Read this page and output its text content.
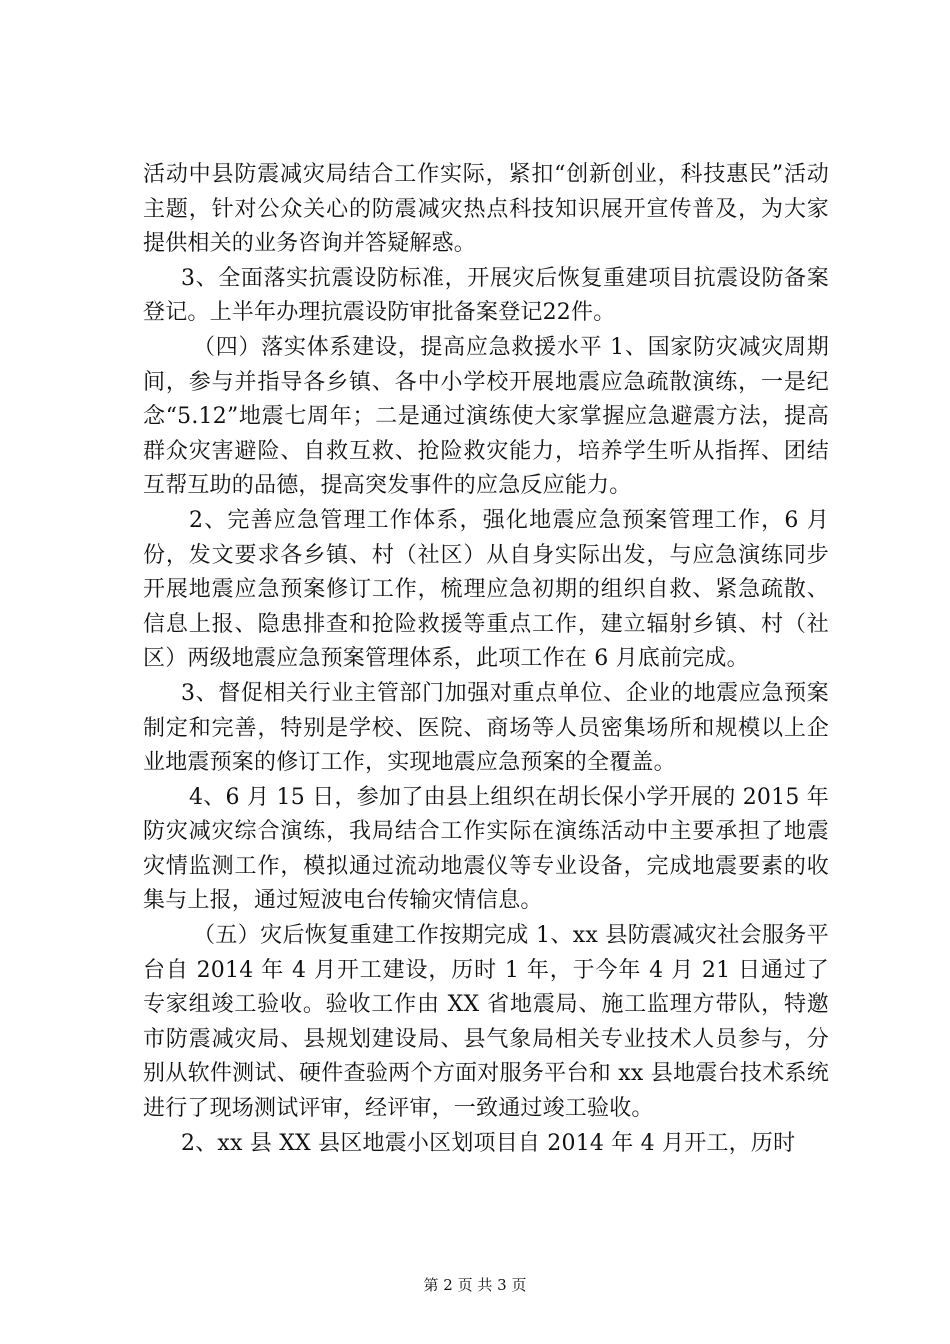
活动中县防震减灾局结合工作实际，紧扣“创新创业，科技惠民”活动主题，针对公众关心的防震减灾热点科技知识展开宣传普及，为大家提供相关的业务咨询并答疑解惑。

3、全面落实抗震设防标准，开展灾后恢复重建项目抗震设防备案登记。上半年办理抗震设防审批备案登记22件。

（四）落实体系建设，提高应急救援水平 1、国家防灾减灾周期间，参与并指导各乡镇、各中小学校开展地震应急疏散演练，一是纪念“5.12”地震七周年；二是通过演练使大家掌握应急避震方法，提高群众灾害避险、自救互救、抢险救灾能力，培养学生听从指挥、团结互帮互助的品德，提高突发事件的应急反应能力。

2、完善应急管理工作体系，强化地震应急预案管理工作，6 月份，发文要求各乡镇、村（社区）从自身实际出发，与应急演练同步开展地震应急预案修订工作，梳理应急初期的组织自救、紧急疏散、信息上报、隐患排查和抢险救援等重点工作，建立辐射乡镇、村（社区）两级地震应急预案管理体系，此项工作在 6 月底前完成。

3、督促相关行业主管部门加强对重点单位、企业的地震应急预案制定和完善，特别是学校、医院、商场等人员密集场所和规模以上企业地震预案的修订工作，实现地震应急预案的全覆盖。

4、6 月 15 日，参加了由县上组织在胡长保小学开展的 2015 年防灾减灾综合演练，我局结合工作实际在演练活动中主要承担了地震灾情监测工作，模拟通过流动地震仪等专业设备，完成地震要素的收集与上报，通过短波电台传输灾情信息。

（五）灾后恢复重建工作按期完成 1、xx 县防震减灾社会服务平台自 2014 年 4 月开工建设，历时 1 年，于今年 4 月 21 日通过了专家组竣工验收。验收工作由 XX 省地震局、施工监理方带队，特邀市防震减灾局、县规划建设局、县气象局相关专业技术人员参与，分别从软件测试、硬件查验两个方面对服务平台和 xx 县地震台技术系统进行了现场测试评审，经评审，一致通过竣工验收。

2、xx 县 XX 县区地震小区划项目自 2014 年 4 月开工，历时

第 2 页 共 3 页
